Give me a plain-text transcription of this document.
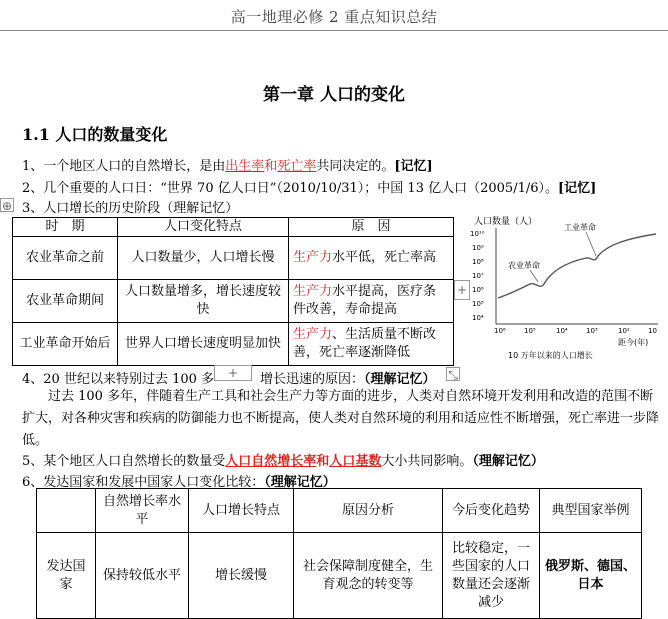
高一地理必修 2 重点知识总结
第一章 人口的变化
1.1 人口的数量变化
1、一个地区人口的自然增长，是由出生率和死亡率共同决定的。[记忆]
2、几个重要的人口日：“世界 70 亿人口日”（2010/10/31）；中国 13 亿人口（2005/1/6）。[记忆]
3、人口增长的历史阶段（理解记忆）
⊕
时　期	人口变化特点	原　因
农业革命之前	人口数量少，人口增长慢	生产力水平低，死亡率高
农业革命期间	人口数量增多，增长速度较快	生产力水平提高，医疗条件改善，寿命提高
工业革命开始后	世界人口增长速度明显加快	生产力、生活质量不断改善，死亡率逐渐降低
+
+	⤡
人口数量（人）
10¹⁰
10⁹
10⁸
10⁷
10⁶
10⁵
10⁴
10⁶	10⁵	10⁴	10³	10²	10
距今(年)
农业革命
工业革命
10 万年以来的人口增长
4、20 世纪以来特别过去 100 多	增长迅速的原因：（理解记忆）
过去 100 多年，伴随着生产工具和社会生产力等方面的进步，人类对自然环境开发利用和改造的范围不断扩大，对各种灾害和疾病的防御能力也不断提高，使人类对自然环境的利用和适应性不断增强，死亡率进一步降低。
5、某个地区人口自然增长的数量受人口自然增长率和人口基数大小共同影响。（理解记忆）
6、发达国家和发展中国家人口变化比较：（理解记忆）
	自然增长率水平	人口增长特点	原因分析	今后变化趋势	典型国家举例
发达国家	保持较低水平	增长缓慢	社会保障制度健全，生育观念的转变等	比较稳定，一些国家的人口数量还会逐渐减少	俄罗斯、德国、日本
